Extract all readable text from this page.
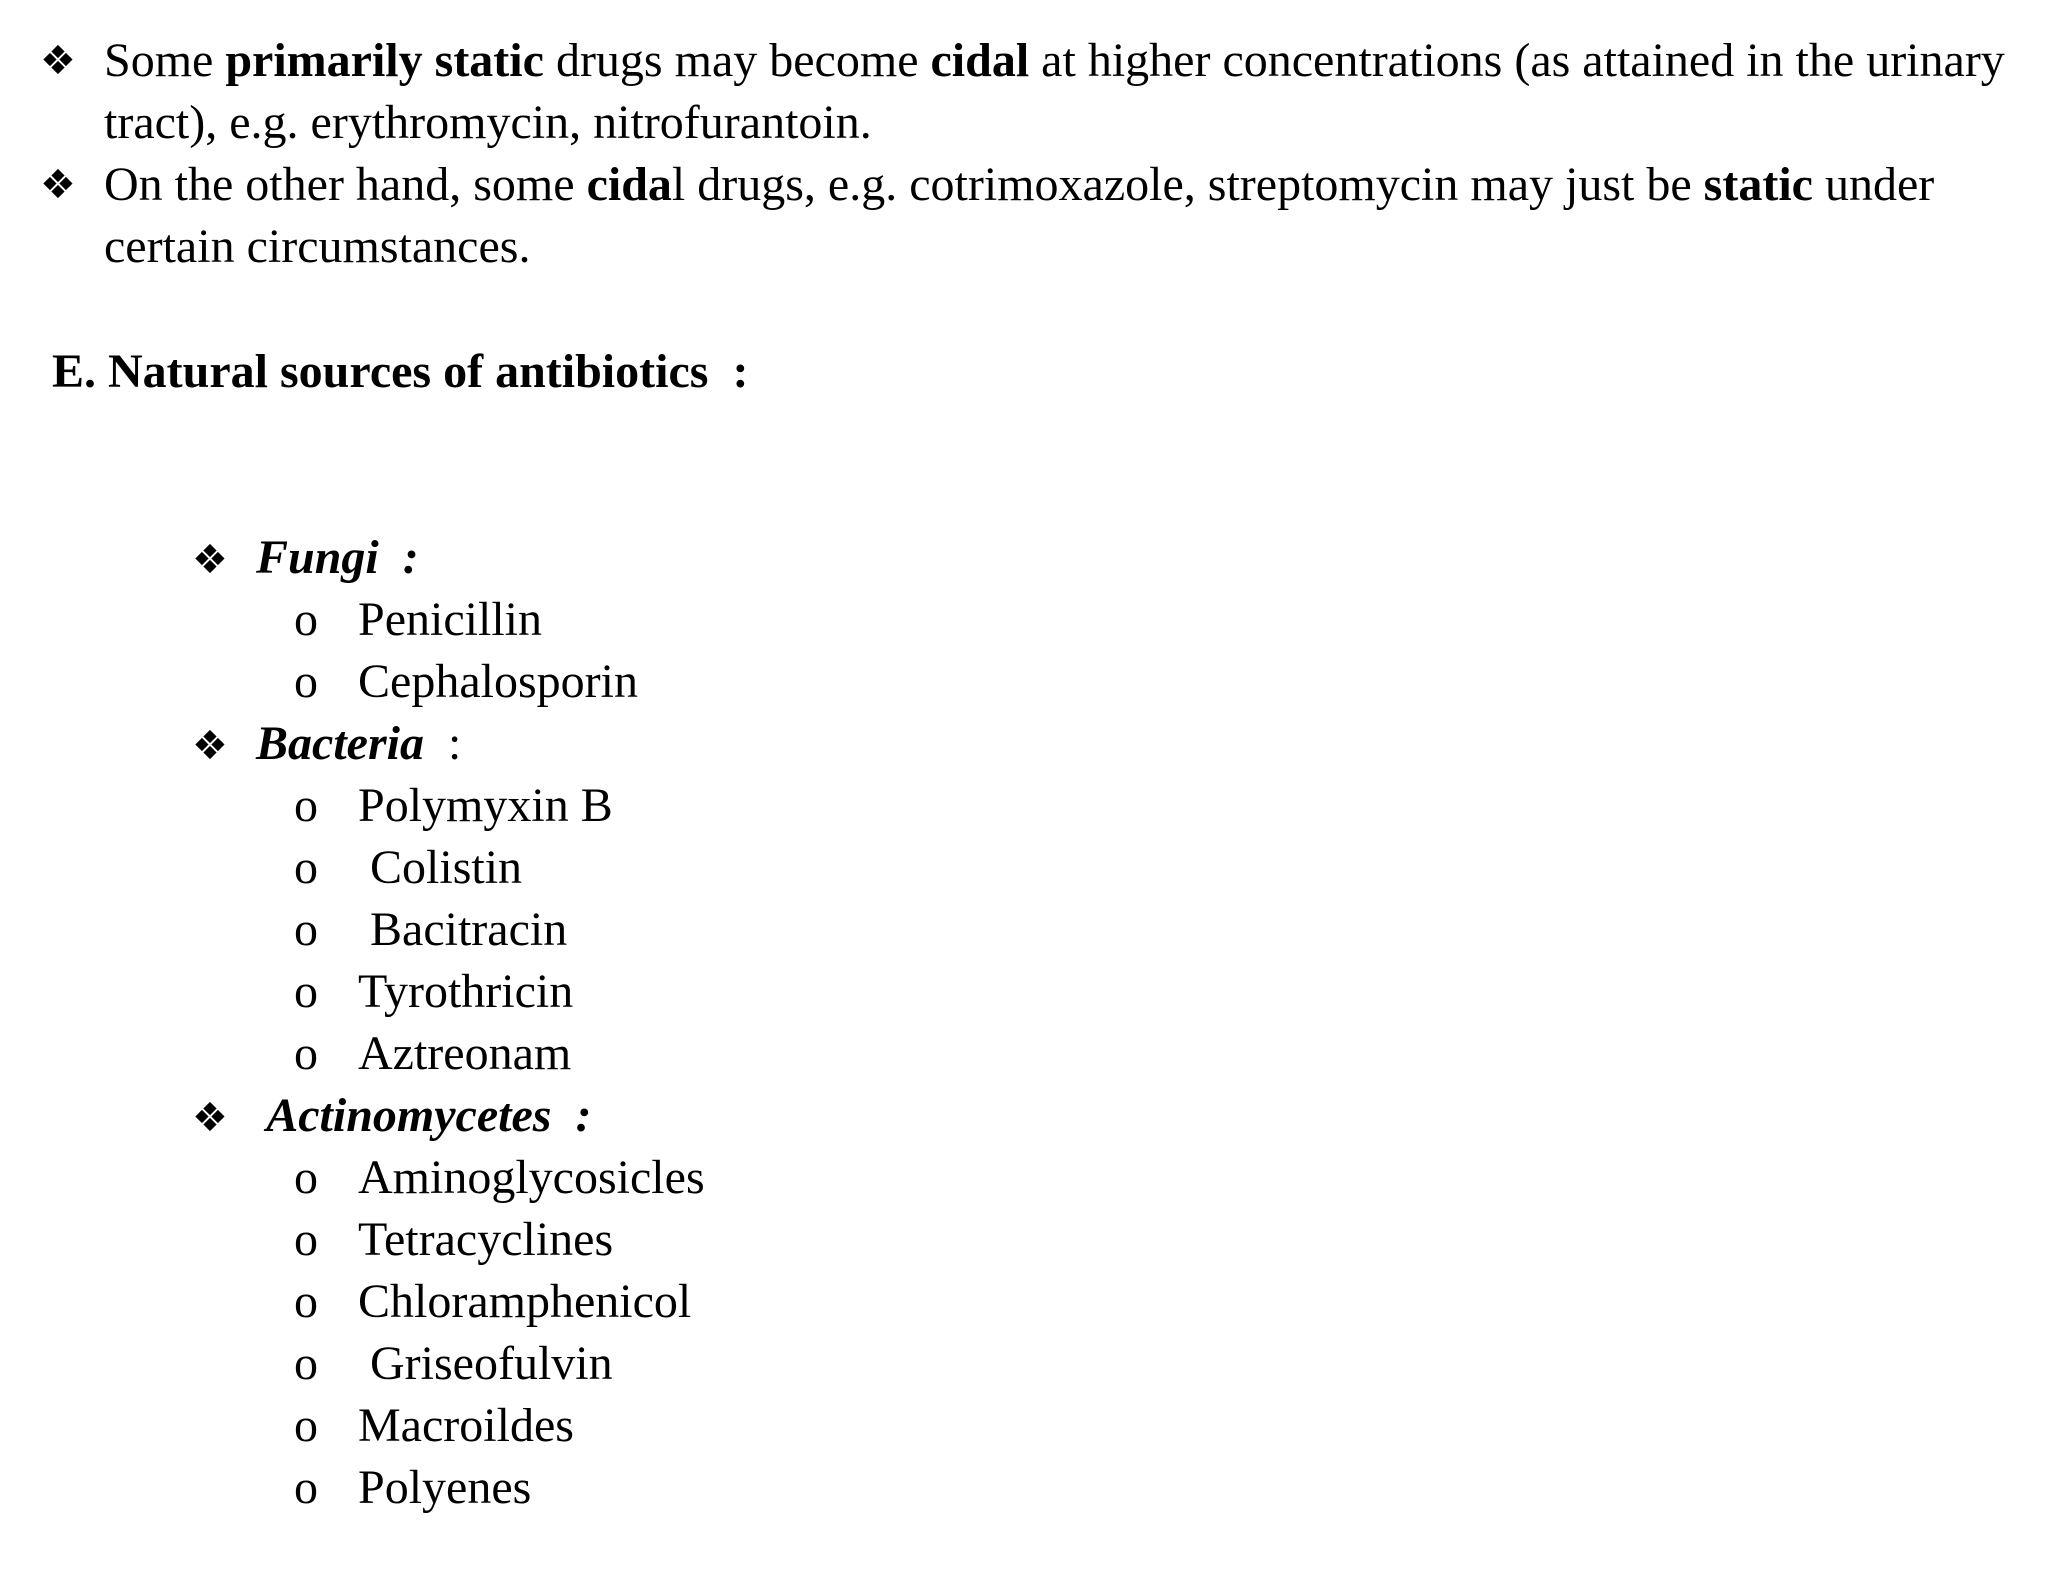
❖ Some primarily static drugs may become cidal at higher concentrations (as attained in the urinary tract), e.g. erythromycin, nitrofurantoin.
❖ On the other hand, some cidal drugs, e.g. cotrimoxazole, streptomycin may just be static under certain circumstances.
E. Natural sources of antibiotics  :

❖ Fungi  :

o Penicillin

o Cephalosporin

❖ Bacteria  :

o Polymyxin B

o Colistin

o Bacitracin

o Tyrothricin

o Aztreonam

❖ Actinomycetes  :

o Aminoglycosicles

o Tetracyclines

o Chloramphenicol

o Griseofulvin

o Macroildes

o Polyenes
